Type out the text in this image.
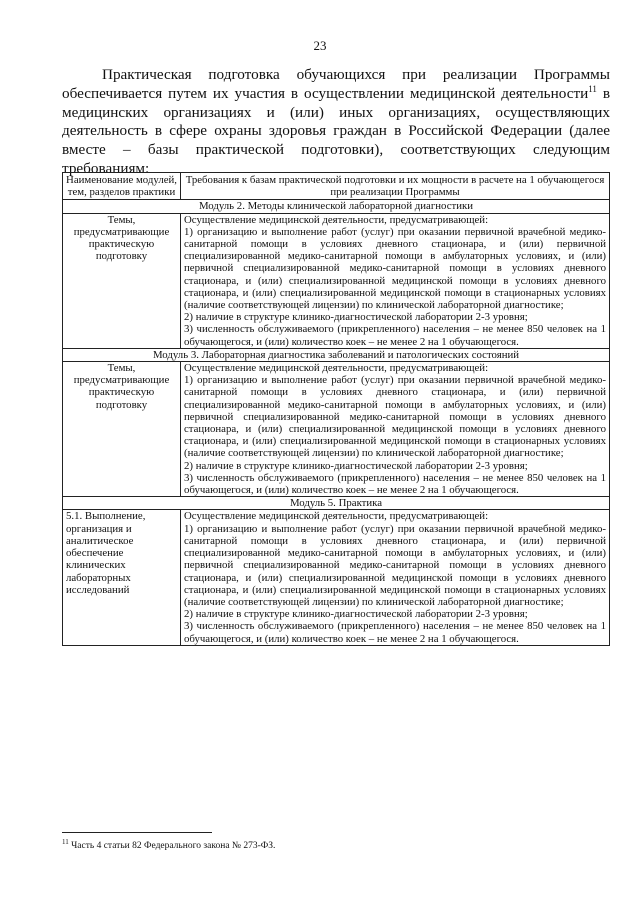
23
Практическая подготовка обучающихся при реализации Программы обеспечивается путем их участия в осуществлении медицинской деятельности$^{11}$ в медицинских организациях и (или) иных организациях, осуществляющих деятельность в сфере охраны здоровья граждан в Российской Федерации (далее вместе – базы практической подготовки), соответствующих следующим требованиям:
Наименование модулей, тем, разделов практики	Требования к базам практической подготовки и их мощности в расчете на 1 обучающегося при реализации Программы
Модуль 2. Методы клинической лабораторной диагностики	
Темы, предусматривающие практическую подготовку	Осуществление медицинской деятельности, предусматривающей:

1) организацию и выполнение работ (услуг) при оказании первичной врачебной медико-санитарной помощи в условиях дневного стационара, и (или) первичной специализированной медико-санитарной помощи в амбулаторных условиях, и (или) первичной специализированной медико-санитарной помощи в условиях дневного стационара, и (или) специализированной медицинской помощи в условиях дневного стационара, и (или) специализированной медицинской помощи в стационарных условиях (наличие соответствующей лицензии) по клинической лабораторной диагностике;

2) наличие в структуре клинико-диагностической лаборатории 2-3 уровня;

3) численность обслуживаемого (прикрепленного) населения – не менее 850 человек на 1 обучающегося, и (или) количество коек – не менее 2 на 1 обучающегося.

Модуль 3. Лабораторная диагностика заболеваний и патологических состояний	
Темы, предусматривающие практическую подготовку	Осуществление медицинской деятельности, предусматривающей:

1) организацию и выполнение работ (услуг) при оказании первичной врачебной медико-санитарной помощи в условиях дневного стационара, и (или) первичной специализированной медико-санитарной помощи в амбулаторных условиях, и (или) первичной специализированной медико-санитарной помощи в условиях дневного стационара, и (или) специализированной медицинской помощи в условиях дневного стационара, и (или) специализированной медицинской помощи в стационарных условиях (наличие соответствующей лицензии) по клинической лабораторной диагностике;

2) наличие в структуре клинико-диагностической лаборатории 2-3 уровня;

3) численность обслуживаемого (прикрепленного) населения – не менее 850 человек на 1 обучающегося, и (или) количество коек – не менее 2 на 1 обучающегося.

Модуль 5. Практика	
5.1. Выполнение, организация и аналитическое обеспечение клинических лабораторных исследований	Осуществление медицинской деятельности, предусматривающей:

1) организацию и выполнение работ (услуг) при оказании первичной врачебной медико-санитарной помощи в условиях дневного стационара, и (или) первичной специализированной медико-санитарной помощи в амбулаторных условиях, и (или) первичной специализированной медико-санитарной помощи в условиях дневного стационара, и (или) специализированной медицинской помощи в условиях дневного стационара, и (или) специализированной медицинской помощи в стационарных условиях (наличие соответствующей лицензии) по клинической лабораторной диагностике;

2) наличие в структуре клинико-диагностической лаборатории 2-3 уровня;

3) численность обслуживаемого (прикрепленного) населения – не менее 850 человек на 1 обучающегося, и (или) количество коек – не менее 2 на 1 обучающегося.

$^{11}$ Часть 4 статьи 82 Федерального закона № 273-ФЗ.
